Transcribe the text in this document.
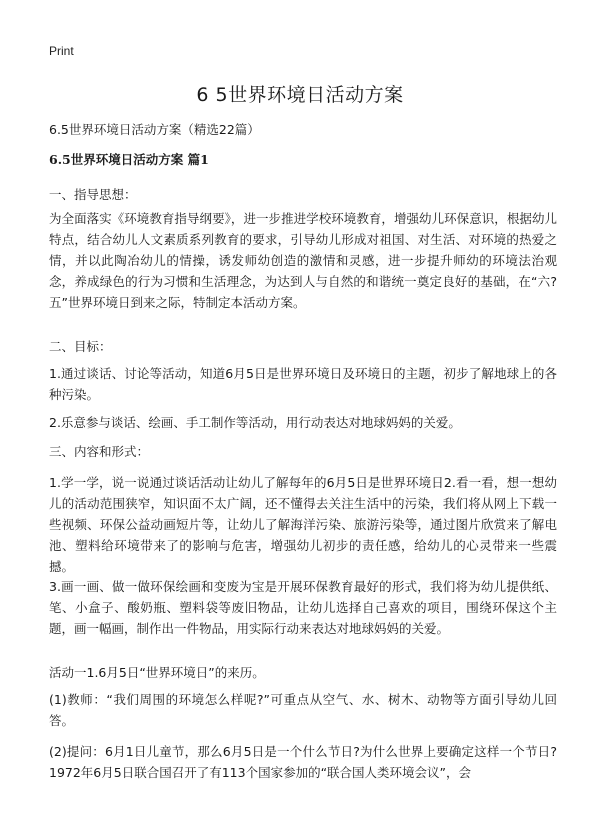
Print
6 5世界环境日活动方案
6.5世界环境日活动方案（精选22篇）
6.5世界环境日活动方案 篇1
一、指导思想：
为全面落实《环境教育指导纲要》，进一步推进学校环境教育，增强幼儿环保意识，根据幼儿特点，结合幼儿人文素质系列教育的要求，引导幼儿形成对祖国、对生活、对环境的热爱之情，并以此陶冶幼儿的情操，诱发师幼创造的激情和灵感，进一步提升师幼的环境法治观念，养成绿色的行为习惯和生活理念，为达到人与自然的和谐统一奠定良好的基础，在“六?五”世界环境日到来之际，特制定本活动方案。
二、目标：
1.通过谈话、讨论等活动，知道6月5日是世界环境日及环境日的主题，初步了解地球上的各种污染。
2.乐意参与谈话、绘画、手工制作等活动，用行动表达对地球妈妈的关爱。
三、内容和形式：
1.学一学，说一说通过谈话活动让幼儿了解每年的6月5日是世界环境日2.看一看，想一想幼儿的活动范围狭窄，知识面不太广阔，还不懂得去关注生活中的污染，我们将从网上下载一些视频、环保公益动画短片等，让幼儿了解海洋污染、旅游污染等，通过图片欣赏来了解电池、塑料给环境带来了的影响与危害，增强幼儿初步的责任感，给幼儿的心灵带来一些震撼。
3.画一画、做一做环保绘画和变废为宝是开展环保教育最好的形式，我们将为幼儿提供纸、笔、小盒子、酸奶瓶、塑料袋等废旧物品，让幼儿选择自己喜欢的项目，围绕环保这个主题，画一幅画，制作出一件物品，用实际行动来表达对地球妈妈的关爱。
活动一1.6月5日“世界环境日”的来历。
(1)教师：“我们周围的环境怎么样呢?”可重点从空气、水、树木、动物等方面引导幼儿回答。
(2)提问：6月1日儿童节，那么6月5日是一个什么节日?为什么世界上要确定这样一个节日?1972年6月5日联合国召开了有113个国家参加的“联合国人类环境会议”，会
